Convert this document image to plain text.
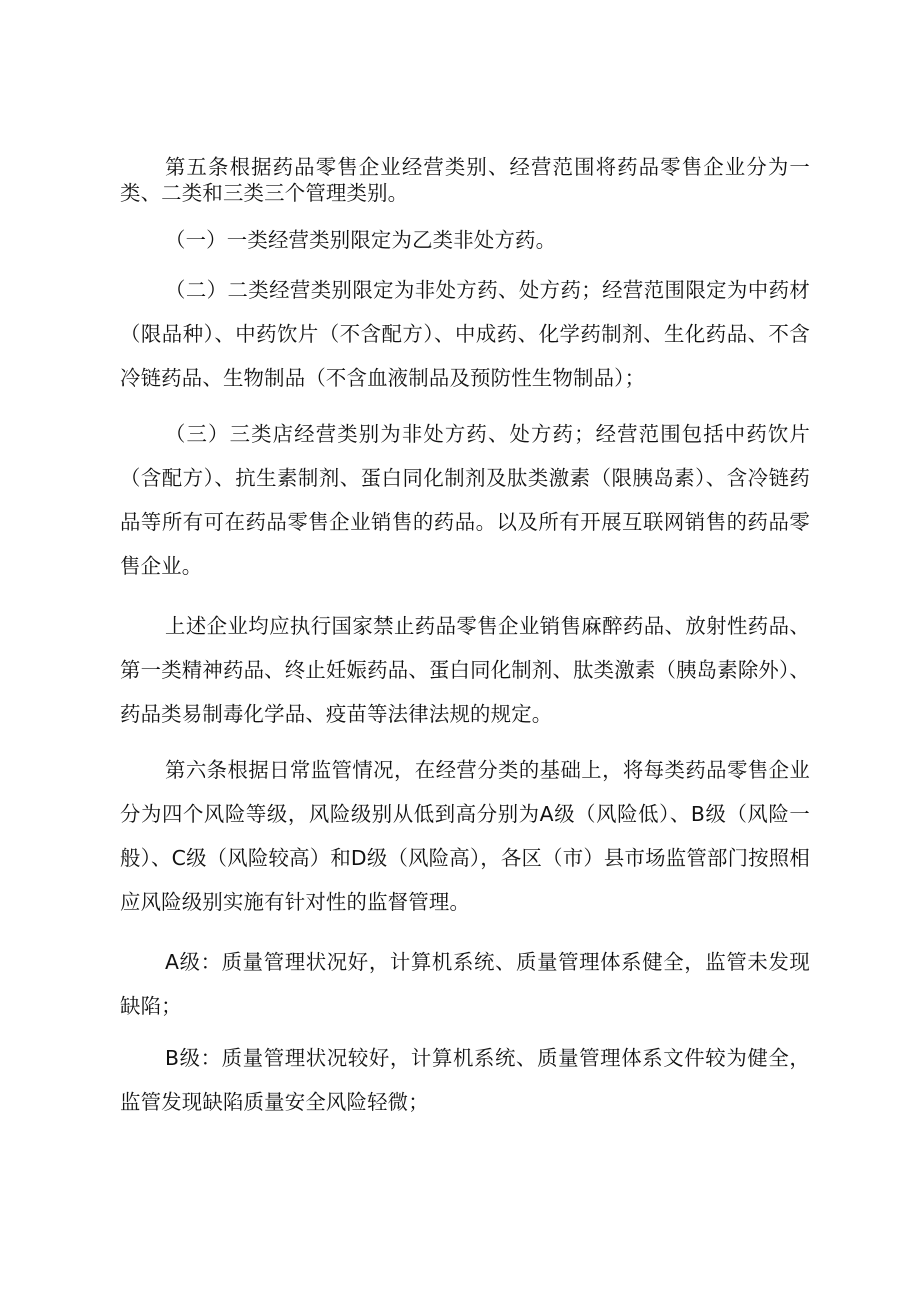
第五条根据药品零售企业经营类别、经营范围将药品零售企业分为一类、二类和三类三个管理类别。

（一）一类经营类别限定为乙类非处方药。

（二）二类经营类别限定为非处方药、处方药；经营范围限定为中药材（限品种）、中药饮片（不含配方）、中成药、化学药制剂、生化药品、不含冷链药品、生物制品（不含血液制品及预防性生物制品）；

（三）三类店经营类别为非处方药、处方药；经营范围包括中药饮片（含配方）、抗生素制剂、蛋白同化制剂及肽类激素（限胰岛素）、含冷链药品等所有可在药品零售企业销售的药品。以及所有开展互联网销售的药品零售企业。

上述企业均应执行国家禁止药品零售企业销售麻醉药品、放射性药品、第一类精神药品、终止妊娠药品、蛋白同化制剂、肽类激素（胰岛素除外）、药品类易制毒化学品、疫苗等法律法规的规定。

第六条根据日常监管情况，在经营分类的基础上，将每类药品零售企业分为四个风险等级，风险级别从低到高分别为A级（风险低）、B级（风险一般）、C级（风险较高）和D级（风险高），各区（市）县市场监管部门按照相应风险级别实施有针对性的监督管理。

A级：质量管理状况好，计算机系统、质量管理体系健全，监管未发现缺陷；

B级：质量管理状况较好，计算机系统、质量管理体系文件较为健全，监管发现缺陷质量安全风险轻微；
